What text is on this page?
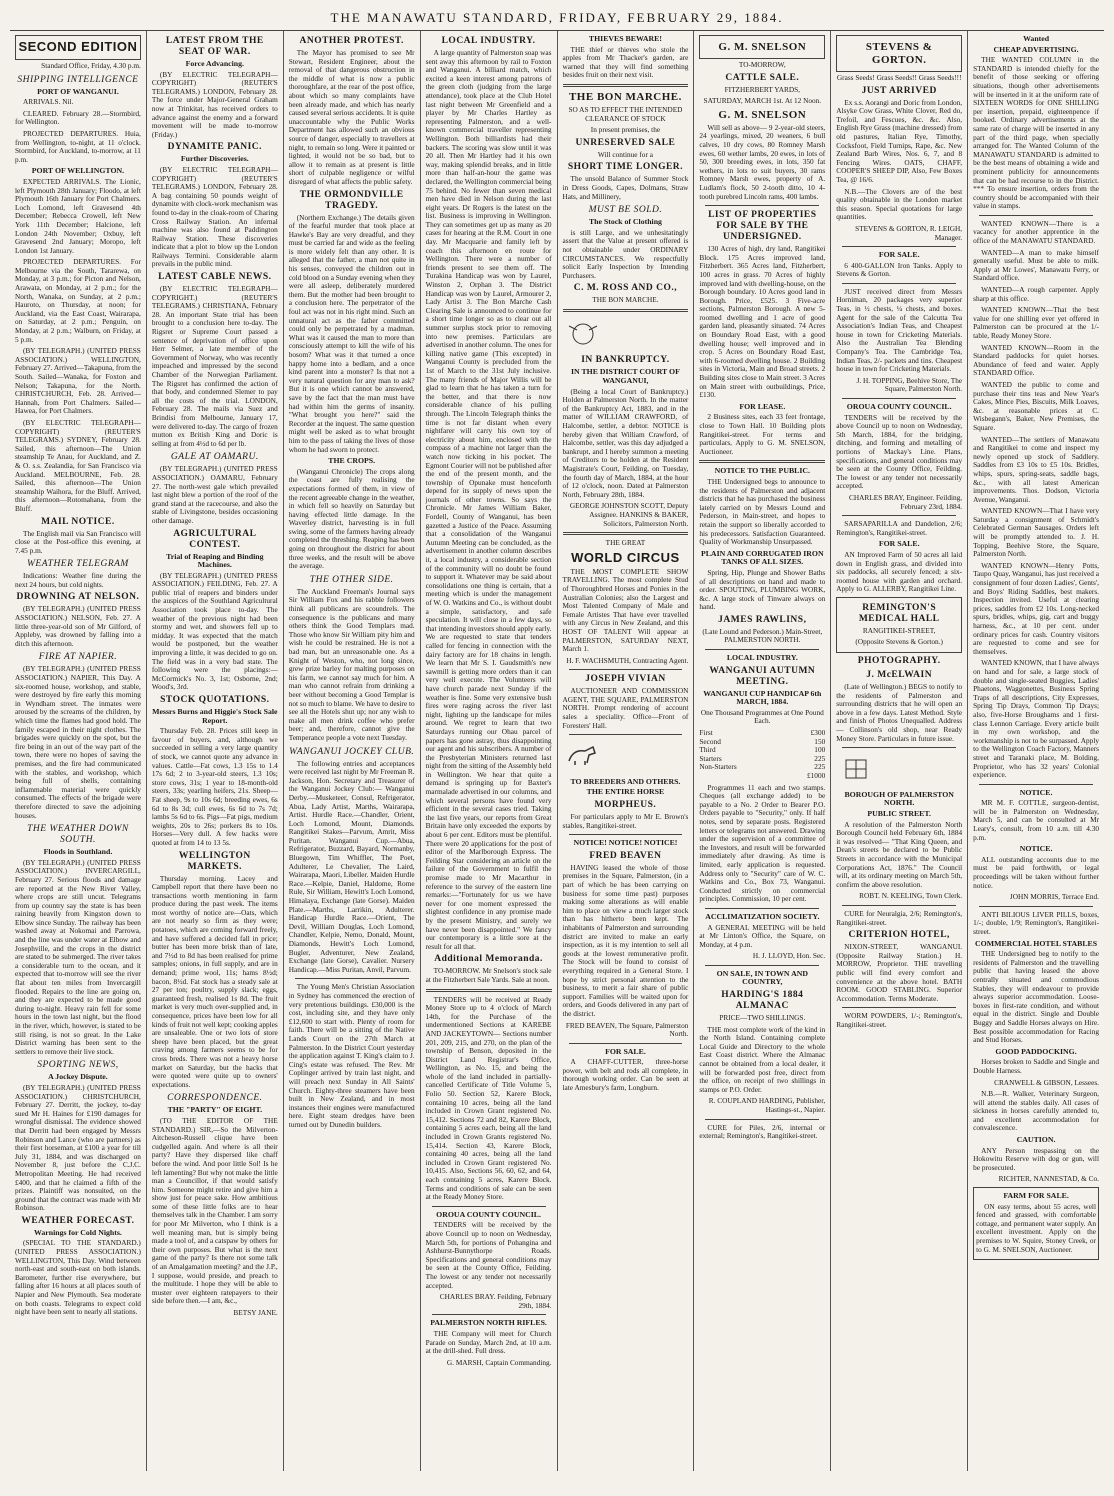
THE MANAWATU STANDARD, FRIDAY, FEBRUARY 29, 1884.
SECOND EDITION

Standard Office, Friday, 4.30 p.m.

SHIPPING INTELLIGENCE
PORT OF WANGANUI.

ARRIVALS. Nil.

CLEARED. February 28.—Stormbird, for Wellington.

PROJECTED DEPARTURES. Huia, from Wellington, to-night, at 11 o'clock. Stormbird, for Auckland, to-morrow, at 11 p.m.

PORT OF WELLINGTON.

EXPECTED ARRIVALS. The Lionic, left Plymouth 28th January; Floodo, at left Plymouth 16th January for Port Chalmers. Loch Lomond, left Gravesend 4th December; Rebecca Crowell, left New York 11th December; Halcione, left London 24th November; Oxbuy, left Gravesend 2nd January; Moropo, left London 1st January.

PROJECTED DEPARTURES. For Melbourne via the South, Tararewa, on Monday, at 3 p.m.; for Picton and Nelson, Arawata, on Monday, at 2 p.m.; for the North, Wanaka, on Sunday, at 2 p.m.; Hauroto, on Thursday, at noon; for Auckland, via the East Coast, Wairarapa, on Saturday, at 2 p.m.; Penguin, on Monday, at 2 p.m.; Walburn, on Friday, at 5 p.m.

(BY TELEGRAPH.) (UNITED PRESS ASSOCIATION.) WELLINGTON, February 27. Arrived—Takapuna, from the South. Sailed—Wanaka, for Foxton and Nelson; Takapuna, for the North. CHRISTCHURCH, Feb. 28. Arrived—Hannah, from Port Chalmers. Sailed—Hawea, for Port Chalmers.

(BY ELECTRIC TELEGRAPH—COPYRIGHT) (REUTER'S TELEGRAMS.) SYDNEY, February 28. Sailed, this afternoon—The Union steamship Te Anau, for Auckland, and Z. & O. s.s. Zealandia, for San Francisco via Auckland. MELBOURNE, Feb. 28. Sailed, this afternoon—The Union steamship Waihora, for the Bluff. Arrived, this afternoon—Rotomahana, from the Bluff.

MAIL NOTICE.

The English mail via San Francisco will close at the Post-office this evening, at 7.45 p.m.

WEATHER TELEGRAM

Indications: Weather fine during the next 24 hours, but cold nights.

DROWNING AT NELSON.

(BY TELEGRAPH.) (UNITED PRESS ASSOCIATION.) NELSON, Feb. 27. A little three-year-old son of Mr Gilford, of Appleby, was drowned by falling into a ditch this afternoon.

FIRE AT NAPIER.

(BY TELEGRAPH.) (UNITED PRESS ASSOCIATION.) NAPIER, This Day. A six-roomed house, workshop, and stable, were destroyed by fire early this morning in Wyndham street. The inmates were aroused by the screams of the children, by which time the flames had good hold. The family escaped in their night clothes. The brigades were quickly on the spot, but the fire being in an out of the way part of the town, there were no hopes of saving the premises, and the fire had communicated with the stables, and workshop, which being full of shells, containing inflammable material were quickly consumed. The effects of the brigade were therefore directed to save the adjoining houses.

THE WEATHER DOWN SOUTH.
Floods in Southland.

(BY TELEGRAPH.) (UNITED PRESS ASSOCIATION.) INVERCARGILL, February 27. Serious floods and damage are reported at the New River Valley, where crops are still uncut. Telegrams from up country say the state is has been raining heavily from Kingston down to Elbow since Sunday. The railway has been washed away at Nokomai and Parrowa, and the line was under water at Elbow and Josephville, and the crops in the district are stated to be submerged. The river takes a considerable turn to the ocean, and it expected that to-morrow will see the river flat about ten miles from Invercargill flooded. Repairs to the line are going on, and they are expected to be made good during to-night. Heavy rain fell for some hours in the town last night, but the flood in the river, which, however, is stated to be still rising, is not so great. In the Lake District warning has been sent to the settlers to remove their live stock.

SPORTING NEWS,
A Jockey Dispute.

(BY TELEGRAPH.) (UNITED PRESS ASSOCIATION.) CHRISTCHURCH, February 27. Derritt, the jockey, to-day sued Mr H. Haines for £190 damages for wrongful dismissal. The evidence showed that Derritt had been engaged by Messrs Robinson and Lance (who are partners) as their first horseman, at £100 a year for till July 31, 1884, and was discharged on November 8, just before the C.J.C. Metropolitan Meeting. He had received £400, and that he claimed a fifth of the prizes. Plaintiff was nonsuited, on the ground that the contract was made with Mr Robinson.

WEATHER FORECAST.
Warnings for Cold Nights.

(SPECIAL TO THE STANDARD.) (UNITED PRESS ASSOCIATION.) WELLINGTON, This Day. Wind between north-east and south-east on both islands. Barometer, further rise everywhere, but falling after 16 hours at all places south of Napier and New Plymouth. Sea moderate on both coasts. Telegrams to expect cold night have been sent to nearly all stations.

LATEST FROM THE SEAT OF WAR.
Force Advancing.

(BY ELECTRIC TELEGRAPH—COPYRIGHT) (REUTER'S TELEGRAMS.) LONDON, February 28. The force under Major-General Graham now at Trinkitat, has received orders to advance against the enemy and a forward movement will be made to-morrow (Friday.)

DYNAMITE PANIC.
Further Discoveries.

(BY ELECTRIC TELEGRAPH—COPYRIGHT) (REUTER'S TELEGRAMS.) LONDON, February 28. A bag containing 50 pounds weight of dynamite with clock-work mechanism was found to-day in the cloak-room of Charing Cross Railway Station. An infernal machine was also found at Paddington Railway Station. These discoveries indicate that a plot to blow up the London Railways Termini. Considerable alarm prevails in the public mind.

LATEST CABLE NEWS.

(BY ELECTRIC TELEGRAPH—COPYRIGHT.) (REUTER'S TELEGRAMS.) CHRISTIANA, February 28. An important State trial has been brought to a conclusion here to-day. The Rigsret or Supreme Court passed a sentence of deprivation of office upon Herr Selmer, a late member of the Government of Norway, who was recently impeached and impressed by the second Chamber of the Norwegian Parliament. The Rigsret has confirmed the action of that body, and condemned Slemer to pay all the costs of the trial. LONDON, February 28. The mails via Suez and Brindisi from Melbourne, January 17, were delivered to-day. The cargo of frozen mutton ex British King and Doric is selling at from 4½d to 6d per lb.

GALE AT OAMARU.

(BY TELEGRAPH.) (UNITED PRESS ASSOCIATION.) OAMARU, February 27. The north-west gale which prevailed last night blew a portion of the roof of the grand stand at the racecourse, and also the stable of Livingstone, besides occasioning other damage.

AGRICULTURAL CONTEST.
Trial of Reaping and Binding Machines.

(BY TELEGRAPH.) (UNITED PRESS ASSOCIATION.) FEILDING, Feb. 27. A public trial of reapers and binders under the auspices of the Southland Agricultural Association took place to-day. The weather of the previous night had been stormy and wet, and showers fell up to midday. It was expected that the match would be postponed, but the weather improving a little, it was decided to go on. The field was in a very bad state. The following were the placings:—McCormick's No. 3, 1st; Osborne, 2nd; Wood's, 3rd.

STOCK QUOTATIONS.
Messrs Burns and Higgie's Stock Sale Report.

Thursday Feb. 28. Prices still keep in favour of buyers, and, although we succeeded in selling a very large quantity of stock, we cannot quote any advance in values. Cattle—Fat cows, 1.3 15s to 1.4 17s 6d; 2 to 3-year-old steers, 1.3 10s; store cows, 31s; 1 year to 18-month-old steers, 33s; yearling heifers, 21s. Sheep—Fat sheep, 9s to 10s 6d; breeding ewes, 6s 6d to 8s 3d; cull ewes, 6s 6d to 7s 7d; lambs 5s 6d to 6s. Pigs—Fat pigs, medium weights, 20s to 26s; porkers 8s to 10s. Horses—Very dull. A few hacks were quoted at from 14 to 13 5s.

WELLINGTON MARKETS.

Thursday morning. Lacey and Campbell report that there have been no transactions worth mentioning in farm produce during the past week. The items most worthy of notice are—Oats, which are not nearly so firm as they were; potatoes, which are coming forward freely, and have suffered a decided fall in price; butter has been more brisk than of late, and 7½d to 8d has been realised for prime samples; onions, in full supply, and are in demand; prime wool, 11s; hams 8½d; bacon, 8½d. Fat stock has a steady sale at 27 per ton; poultry, supply slack; eggs, guaranteed fresh, realised 1s 8d. The fruit market is very much over-supplied and, in consequence, prices have been low for all kinds of fruit not well kept; cooking apples are unsaleable. One or two lots of store sheep have been placed, but the great craving among farmers seems to be for cross breds. There was not a heavy horse market on Saturday, but the hacks that were quoted were quite up to owners' expectations.

CORRESPONDENCE.
THE "PARTY" OF EIGHT.

(TO THE EDITOR OF THE STANDARD.) SIR,—So the Milverton-Aitcheson-Russell clique have been cudgelled again. And where is all their party? Have they dispersed like chaff before the wind. And poor little Sol! Is he left lamenting? But why not make the little man a Councillor, if that would satisfy him. Someone might retire and give him a show just for peace sake. How ambitious some of these little folks are to hear themselves talk in the Chamber. I am sorry for poor Mr Milverton, who I think is a well meaning man, but is simply being made a tool of, and a catspaw by others for their own purposes. But what is the next game of the party? Is there not some talk of an Amalgamation meeting? and the J.P., I suppose, would preside, and preach to the multitude. I hope they will be able to muster over eighteen ratepayers to their side before then.—I am, &c.,

BETSY JANE.

ANOTHER PROTEST.

The Mayor has promised to see Mr Stewart, Resident Engineer, about the removal of that dangerous obstruction in the middle of what is now a public thoroughfare, at the rear of the post office, about which so many complaints have been already made, and which has nearly caused several serious accidents. It is quite unaccountable why the Public Works Department has allowed such an obvious source of danger, especially to travellers at night, to remain so long. Were it painted or lighted, it would not be so bad, but to allow it to remain as at present is little short of culpable negligence or wilful disregard of what affects the public safety.

THE ORMONDVILLE TRAGEDY.

(Northern Exchange.) The details given of the fearful murder that took place at Hawke's Bay are very dreadful, and they must be carried far and wide as the feeling is more widely felt than any other. It is alleged that the father, a man not quite in his senses, conveyed the children out in cold blood on a Sunday evening when they were all asleep, deliberately murdered them. But the mother had been brought to a conclusion here. The perpetrator of the foul act was not in his right mind. Such an unnatural act as the father committed could only be perpetrated by a madman. What was it caused the man to more than consciously attempt to kill the wife of his bosom? What was it that turned a once happy home into a bedlam, and a once kind parent into a monster? Is that not a very natural question for any man to ask? But it is one which cannot be answered, save by the fact that the man must have had within him the germs of insanity. "What brought you here?" said the Recorder at the inquest. The same question might well be asked as to what brought him to the pass of taking the lives of those whom he had sworn to protect.

THE CROPS.

(Wanganui Chronicle) The crops along the coast are fully realising the expectations formed of them, in view of the recent agreeable change in the weather, in which fell so heavily on Saturday but having effected little damage. In the Waverley district, harvesting is in full swing, some of the farmers having already completed the threshing. Reaping has been going on throughout the district for about three weeks, and the result will be above the average.

THE OTHER SIDE.

The Auckland Freeman's Journal says Sir William Fox and his rabble followers think all publicans are scoundrels. The consequence is the publicans and many others think the Good Templars mad. Those who know Sir William pity him and wish he could be restrained. He is not a bad man, but an unreasonable one. As a Knight of Weston, who, not long since, grew prize barley for malting purposes on his farm, we cannot say much for him. A man who cannot refrain from drinking a beer without becoming a Good Templar is not so much to blame. We have to desire to see all the Hotels shut up; nor any wish to make all men drink coffee who prefer beer; and, therefore, cannot give the Temperance people a vote next Tuesday.

WANGANUI JOCKEY CLUB.

The following entries and acceptances were received last night by Mr Freeman R. Jackson, Hon. Secretary and Treasurer of the Wanganui Jockey Club:— Wanganui Derby.—Musketeer, Consul, Refrigerator, Abua, Lady Artist, Marths, Wairarapa, Artist. Hurdle Race.—Chandler, Orient, Loch Lomond, Mount, Diamonds. Rangitikei Stakes—Parvum, Amrit, Miss Puritan. Wanganui Cup.—Abua, Refrigerator, Buzzard, Bayard, Normanby, Bluegown, Tim Whiffler, The Poet, Adulterer, Le Chevalier, The Laird, Wairarapa, Maori, Libeller. Maiden Hurdle Race.—Kelpie, Daniel, Haldome, Rome Rule, Sir William, Hewitt's Loch Lomond, Himalaya, Exchange (late Gorse). Maiden Plate.—Marths, Larrikin, Adulterer. Handicap Hurdle Race.—Orient, The Devil, William Douglas, Loch Lomond, Chandler, Kelpie, Nemo, Donald, Mount, Diamonds, Hewitt's Loch Lomond, Bugler, Adventurer, New Zealand, Exchange (late Gorse), Cavalier. Nursery Handicap.—Miss Puritan, Anvil, Parvum.

The Young Men's Christian Association in Sydney has commenced the erection of very pretentious buildings. £30,000 is the cost, including site, and they have only £12,600 to start with. Plenty of room for faith. There will be a sitting of the Native Lands Court on the 27th March at Palmerston. In the District Court yesterday the application against T. King's claim to J. Cing's estate was refused. The Rev. Mr Coplinger arrived by train last night, and will preach next Sunday in All Saints' Church. Eighty-three steamers have been built in New Zealand, and in most instances their engines were manufactured here. Eight steam dredges have been turned out by Dunedin builders.

LOCAL INDUSTRY.

A large quantity of Palmerston soap was sent away this afternoon by rail to Foxton and Wanganui. A billiard match, which excited a keen interest among patrons of the green cloth (judging from the large attendance), took place at the Club Hotel last night between Mr Greenfield and a player by Mr Charles Hartley as representing Palmerston, and a well-known commercial traveller representing Wellington. Both billiardists had their backers. The scoring was slow until it was 20 all. Then Mr Hartley had it his own way, making splendid breaks, and in little more than half-an-hour the game was declared, the Wellington commercial being 75 behind. No fewer than seven medical men have died in Nelson during the last eight years. Dr Rogers is the latest on the list. Business is improving in Wellington. They can sometimes get up as many as 20 cases for hearing at the R.M. Court in one day. Mr Macquarie and family left by coach this afternoon en route for Wellington. There were a number of friends present to see them off. The Turakina Handicap was won by Laurel, Winston 2, Orphan 3. The District Handicap was won by Laurel, Armourer 2, Lady Artist 3. The Bon Marche Cash Clearing Sale is announced to continue for a short time longer so as to clear out all summer surplus stock prior to removing into new premises. Particulars are advertised in another column. The ones for killing native game (This excepted) in Wanganui County is precluded from the 1st of March to the 31st July inclusive. The many friends of Major Willis will be glad to learn that he has taken a turn for the better, and that there is now considerable chance of his pulling through. The Lincoln Telegraph thinks the time is not far distant when every nightfarer will carry his own toy of electricity about him, enclosed with the compass of a machine not larger than the watch now ticking in his pocket. The Egmont Courier will not be published after the end of the present month, and the township of Opunake must henceforth depend for its supply of news upon the journals of other towns. So says the Chronicle. Mr James William Baker, Fordell, County of Wanganui, has been gazetted a Justice of the Peace. Assuming that a consolidation of the Wanganui Autumn Meeting can be concluded, as the advertisement in another column describes it, a local industry, a considerable section of the community will no doubt be found to support it. Whatever may be said about consolidations one thing is certain, that a meeting which is under the management of W. O. Watkins and Co., is without doubt a simple, satisfactory, and safe speculation. It will close in a few days, so that intending investors should apply early. We are requested to state that tenders called for fencing in connection with the dairy factory are for 18 chains in length. We learn that Mr S. I. Gaudsmith's new sawmill is getting more orders than it can very well execute. The Volunteers will have church parade next Sunday if the weather is fine. Some very extensive bush fires were raging across the river last night, lighting up the landscape for miles around. We regret to learn that two Saturdays running our Ohau parcel of papers has gone astray, thus disappointing our agent and his subscribers. A number of the Presbyterian Ministers returned last night from the sitting of the Assembly held in Wellington. We hear that quite a demand is springing up for Baxter's marmalade advertised in our columns, and which several persons have found very efficient in the several cases tried. Taking the last five years, our reports from Great Britain have only exceeded the exports by about 6 per cent. Editors must be plentiful. There were 20 applications for the post of editor of the Marlborough Express. The Feilding Star considering an article on the failure of the Government to fulfil the promise made to Mr Macarthur in reference to the survey of the eastern line remarks:—"Fortunately for us we have never for one moment expressed the slightest confidence in any promise made by the present Ministry, and surely we have never been disappointed." We fancy our contemporary is a little sore at the result for all that.

Additional Memoranda.

TO-MORROW. Mr Snelson's stock sale at the Fitzherbert Sale Yards. Sale at noon.

TENDERS will be received at Ready Money Store up to 4 o'clock of March 14th, for the Purchase of the undermentioned Sections at KAREBE AND JACKEYTOWN— Sections number 201, 209, 215, and 270, on the plan of the township of Benson, deposited in the District Land Registrar's Office, Wellington, as No. 15, and being the whole of the land included in partially-cancelled Certificate of Title Volume 5, Folio 50. Section 52, Karere Block, containing 10 acres, being all the land included in Crown Grant registered No. 15,412. Sections 72 and 82, Karere Block, containing 5 acres each, being all the land included in Crown Grants registered No. 15,414. Section 43, Karere Block, containing 40 acres, being all the land included in Crown Grant registered No. 10,415. Also, Sections 56, 60, 62, and 64, each containing 5 acres, Karere Block. Terms and conditions of sale can be seen at the Ready Money Store.

OROUA COUNTY COUNCIL.

TENDERS will be received by the above Council up to noon on Wednesday, March 5th, for portions of Pohangina and Ashhurst-Bunnythorpe Roads. Specifications and general conditions may be seen at the County Office, Feilding. The lowest or any tender not necessarily accepted.

CHARLES BRAY. Feilding, February 29th, 1884.

PALMERSTON NORTH RIFLES.

THE Company will meet for Church Parade on Sunday, March 2nd, at 10 a.m. at the drill-shed. Full dress.

G. MARSH, Captain Commanding.

THIEVES BEWARE!

THE thief or thieves who stole the apples from Mr Thacker's garden, are warned that they will find something besides fruit on their next visit.

THE BON MARCHE.

SO AS TO EFFECT THE INTENDED CLEARANCE OF STOCK

In present premises, the

UNRESERVED SALE

Will continue for a

SHORT TIME LONGER.

The unsold Balance of Summer Stock in Dress Goods, Capes, Dolmans, Straw Hats, and Millinery,

MUST BE SOLD.
The Stock of Clothing

is still Large, and we unhesitatingly assert that the Value at present offered is not obtainable under ORDINARY CIRCUMSTANCES. We respectfully solicit Early Inspection by Intending Purchasers.

C. M. ROSS AND CO.,

THE BON MARCHE.

IN BANKRUPTCY.
IN THE DISTRICT COURT OF WANGANUI,

(Being a local Court of Bankruptcy.) Holden at Palmerston North. In the matter of the Bankruptcy Act, 1883, and in the matter of WILLIAM CRAWFORD, of Halcombe, settler, a debtor. NOTICE is hereby given that William Crawford, of Halcombe, settler, was this day adjudged a bankrupt, and I hereby summon a meeting of Creditors to be holden at the Resident Magistrate's Court, Feilding, on Tuesday, the fourth day of March, 1884, at the hour of 12 o'clock, noon. Dated at Palmerston North, February 28th, 1884.

GEORGE JOHNSTON SCOTT, Deputy Assignee. HANKINS & BAKER, Solicitors, Palmerston North.

THE GREAT

WORLD CIRCUS

THE MOST COMPLETE SHOW TRAVELLING. The most complete Stud of Thoroughbred Horses and Ponies in the Australian Colonies; also the Largest and Most Talented Company of Male and Female Artistes That have ever travelled with any Circus in New Zealand, and this HOST OF TALENT Will appear at PALMERSTON, SATURDAY NEXT, March 1.

H. F. WACHSMUTH, Contracting Agent.

JOSEPH VIVIAN

AUCTIONEER AND COMMISSION AGENT, THE SQUARE, PALMERSTON NORTH. Prompt rendering of account sales a speciality. Office—Front of Foresters' Hall.

TO BREEDERS AND OTHERS.
THE ENTIRE HORSE
MORPHEUS.

For particulars apply to Mr E. Brown's stables, Rangitikei-street.

NOTICE! NOTICE! NOTICE!
FRED BEAVEN

HAVING leased the whole of those premises in the Square, Palmerston, (in a part of which he has been carrying on business for some time past) purposes making some alterations as will enable him to place on view a much larger stock than has hitherto been kept. The inhabitants of Palmerston and surrounding district are invited to make an early inspection, as it is my intention to sell all goods at the lowest remunerative profit. The Stock will be found to consist of everything required in a General Store. I hope by strict personal attention to the business, to merit a fair share of public support. Families will be waited upon for orders, and Goods delivered in any part of the district.

FRED BEAVEN, The Square, Palmerston North.

FOR SALE.

A CHAFF-CUTTER, three-horse power, with belt and rods all complete, in thorough working order. Can be seen at late Amesbury's farm, Longburn.

G. M. SNELSON

TO-MORROW,

CATTLE SALE.

FITZHERBERT YARDS,

SATURDAY, MARCH 1st. At 12 Noon.

G. M. SNELSON

Will sell as above— 9 2-year-old steers, 24 yearlings, mixed, 20 weaners, 6 bull calves, 10 dry cows, 80 Romney Marsh ewes, 60 wether lambs, 20 ewes, in lots of 50, 300 breeding ewes, in lots, 350 fat wethers, in lots to suit buyers, 30 rams Romney Marsh ewes, property of A. Ludlam's flock, 50 2-tooth ditto, 10 4-tooth purebred Lincoln rams, 400 lambs.

LIST OF PROPERTIES FOR SALE BY THE UNDERSIGNED.

130 Acres of high, dry land, Rangitikei Block. 175 Acres improved land, Fitzherbert. 365 Acres land, Fitzherbert, 100 acres in grass. 70 Acres of highly improved land with dwelling-house, on the Borough boundary. 10 Acres good land in Borough. Price, £525. 3 Five-acre sections, Palmerston Borough. A new 5-roomed dwelling and 1 acre of good garden land, pleasantly situated. 74 Acres on Boundary Road East, with a good dwelling house; well improved and in crop. 5 Acres on Boundary Road East, with 6-roomed dwelling house. 2 Building sites in Victoria, Main and Broad streets. 2 Building sites close to Main street. 3 Acres on Main street with outbuildings, Price, £130.

FOR LEASE.

2 Business sites, each 33 feet frontage, close to Town Hall. 10 Building plots Rangitikei-street. For terms and particulars, Apply to G. M. SNELSON, Auctioneer.

NOTICE TO THE PUBLIC.

THE Undersigned begs to announce to the residents of Palmerston and adjacent districts that he has purchased the business lately carried on by Messrs Lound and Pederson, in Main-street, and hopes to retain the support so liberally accorded to his predecessors. Satisfaction Guaranteed. Quality of Workmanship Unsurpassed.

PLAIN AND CORRUGATED IRON TANKS OF ALL SIZES.

Spring, Hip, Plunge and Shower Baths of all descriptions on hand and made to order. SPOUTING, PLUMBING WORK, &c. A large stock of Tinware always on hand.

JAMES RAWLINS,

(Late Lound and Pederson.) Main-Street, PALMERSTON NORTH.

LOCAL INDUSTRY.
WANGANUI AUTUMN MEETING.
WANGANUI CUP HANDICAP 6th MARCH, 1884.

One Thousand Programmes at One Pound Each.

First	£300
Second	150
Third	100
Starters	225
Non-Starters	225

£1000

Programmes 11 each and two stamps. Cheques (all exchange added) to be payable to a No. 2 Order to Bearer P.O. Orders payable to "Security," only. If half notes, send by separate posts. Registered letters or telegrams not answered. Drawing under the supervision of a committee of the Investors, and result will be forwarded immediately after drawing. As time is limited, early application is requested. Address only to "Security" care of W. C. Watkins and Co., Box 73, Wanganui. Conducted strictly on commercial principles. Commission, 10 per cent.

ACCLIMATIZATION SOCIETY.

A GENERAL MEETING will be held at Mr Linton's Office, the Square, on Monday, at 4 p.m.

H. J. LLOYD, Hon. Sec.

ON SALE, IN TOWN AND COUNTRY,
HARDING'S 1884 ALMANAC

PRICE—TWO SHILLINGS.

THE most complete work of the kind in the North Island. Containing complete Local Guide and Directory to the whole East Coast district. Where the Almanac cannot be obtained from a local dealer, it will be forwarded post free, direct from the office, on receipt of two shillings in stamps or P.O. Order.

R. COUPLAND HARDING, Publisher, Hastings-st., Napier.

CURE for Piles, 2/6, internal or external; Remington's, Rangitikei-street.

STEVENS & GORTON.

Grass Seeds! Grass Seeds!! Grass Seeds!!!

JUST ARRIVED

Ex s.s. Aorangi and Doric from London, Alsyke Cow Grass, White Clover, Red do, Trefoil, and Fescues, &c. &c. Also, English Rye Grass (machine dressed) from old pastures, Italian Rye, Timothy, Cocksfoot, Field Turnips, Rape, &c. New Zealand Barb Wires, Nos. 6, 7, and 8 Fencing Wires. OATS, CHAFF, COOPER'S SHEEP DIP, Also, Few Boxes Tea, @ 16/6.

N.B.—The Clovers are of the best quality obtainable in the London market this season. Special quotations for large quantities.

STEVENS & GORTON, R. LEIGH, Manager.

FOR SALE.

6 400-GALLON Iron Tanks. Apply to Stevens & Gorton.

JUST received direct from Messrs Horniman, 20 packages very superior Teas, in ½ chests, ¼ chests, and boxes. Agent for the sale of the Calcutta Tea Association's Indian Teas, and Cheapest house in town for Cricketing Materials. Also the Australian Tea Blending Company's Tea. The Cambridge Tea, Indian Teas, 2/- packets and tins. Cheapest house in town for Cricketing Materials.

J. H. TOPPING, Beehive Store, The Square, Palmerston North.

OROUA COUNTY COUNCIL.

TENDERS will be received by the above Council up to noon on Wednesday, 5th March, 1884, for the bridging, ditching, and forming and metalling of portions of Mackay's Line. Plans, specifications, and general conditions may be seen at the County Office, Feilding. The lowest or any tender not necessarily accepted.

CHARLES BRAY, Engineer. Feilding, February 23rd, 1884.

SARSAPARILLA and Dandelion, 2/6; Remington's, Rangitikei-street.

FOR SALE.

AN Improved Farm of 50 acres all laid down in English grass, and divided into six paddocks, all securely fenced; a six-roomed house with garden and orchard. Apply to G. ALLERBY, Rangitikei Line.

REMINGTON'S MEDICAL HALL

RANGITIKEI-STREET,

(Opposite Stevens & Gorton.)

PHOTOGRAPHY.
J. McELWAIN

(Late of Wellington.) BEGS to notify to the residents of Palmerston and surrounding districts that he will open an above in a few days. Latest Method. Style and finish of Photos Unequalled. Address— Collinson's old shop, near Ready Money Store. Particulars in future issue.

BOROUGH OF PALMERSTON NORTH.
PUBLIC STREET.

A resolution of the Palmerston North Borough Council held February 6th, 1884 it was resolved— "That King Queen, and Dean's streets be declared to be Public Streets in accordance with the Municipal Corporations Act, 1876." The Council will, at its ordinary meeting on March 5th, confirm the above resolution.

ROBT. N. KEELING, Town Clerk.

CURE for Neuralgia, 2/6; Remington's, Rangitikei-street.

CRITERION HOTEL,

NIXON-STREET, WANGANUI. (Opposite Railway Station.) H. MORROW, Proprietor. THE travelling public will find every comfort and convenience at the above hotel. BATH ROOM. GOOD STABLING. Superior Accommodation. Terms Moderate.

WORM POWDERS, 1/-; Remington's, Rangitikei-street.

Wanted
CHEAP ADVERTISING.

THE WANTED COLUMN in the STANDARD is intended chiefly for the benefit of those seeking or offering situations, though other advertisements will be inserted in it at the uniform rate of SIXTEEN WORDS for ONE SHILLING per insertion, prepaid, eighteenpence if booked. Ordinary advertisements at the same rate of charge will be inserted in any part of the third page, when specially arranged for. The Wanted Column of the MANAWATU STANDARD is admitted to be the best means of obtaining a wide and prominent publicity for announcements that can be had recourse to in the District. *** To ensure insertion, orders from the country should be accompanied with their value in stamps.

WANTED KNOWN—There is a vacancy for another apprentice in the office of the MANAWATU STANDARD.

WANTED—A man to make himself generally useful. Must be able to milk. Apply at Mr Lowes', Manawatu Ferry, or Standard office.

WANTED—A rough carpenter. Apply sharp at this office.

WANTED KNOWN—That the best value for one shilling ever yet offered in Palmerston can be procured at the 1/- table, Ready Money Store.

WANTED KNOWN—Room in the Standard paddocks for quiet horses. Abundance of feed and water. Apply STANDARD Office.

WANTED the public to come and purchase their tins teas and New Year's Cakes, Mince Pies, Biscuits, Milk Loaves, &c. at reasonable prices at C. Wisbegann's, Baker, New Premises, the Square.

WANTED—The settlers of Manawatu and Rangitikei to come and inspect my newly opened up stock of Saddlery. Saddles from £3 10s to £5 10s. Bridles, whips, spurs, spring-seats, saddle bags, &c., with all latest American improvements. Thos. Dodson, Victoria Avenue, Wanganui.

WANTED KNOWN—That I have very Saturday a consignment of Schmidt's Celebrated German Sausages. Orders left will be promptly attended to. J. H. Topping, Beehive Store, the Square, Palmerston North.

WANTED KNOWN—Henry Potts, Taupo Quay, Wanganui, has just received a consignment of four dozen Ladies', Gents', and Boys' Riding Saddles, best makers. Inspection invited. Useful at clearing prices, saddles from £2 10s. Long-necked spurs, bridles, whips, gig, cart and buggy harness, &c., at 10 per cent. under ordinary prices for cash. Country visitors are requested to come and see for themselves.

WANTED KNOWN, that I have always on hand and for sale, a large stock of double and single-seated Buggies, Ladies' Phaetons, Waggonettes, Business Spring Traps of all descriptions, City Expresses, Spring Tip Drays, Common Tip Drays; also, five-Horse Broughams and 1 first-class Lennon Carriage. Every article built in my own workshop, and the workmanship is not to be surpassed. Apply to the Wellington Coach Factory, Manners street and Taranaki place, M. Bolding, Proprietor, who has 32 years' Colonial experience.

NOTICE.

MR M. F. COTTLE, surgeon-dentist, will be in Palmerston on Wednesday, March 5, and can be consulted at Mr Leary's, consult, from 10 a.m. till 4.30 p.m.

NOTICE.

ALL outstanding accounts due to me must be paid forthwith, or legal proceedings will be taken without further notice.

JOHN MORRIS, Terrace End.

ANTI BILIOUS LIVER PILLS, boxes, 1/-; double, 1/9; Remington's, Rangitikei-street.

COMMERCIAL HOTEL STABLES

THE Undersigned beg to notify to the residents of Palmerston and the travelling public that having leased the above centrally situated and commodious Stables, they will endeavour to provide always superior accommodation. Loose-boxes in first-rate condition, and without equal in the district. Single and Double Buggy and Saddle Horses always on Hire. Best possible accommodation for Racing and Stud Horses.

GOOD PADDOCKING.

Horses broken to Saddle and Single and Double Harness.

CRANWELL & GIBSON, Lessees.

N.B.—R. Walker, Veterinary Surgeon, will attend the stables daily. All cases of sickness in horses carefully attended to, and excellent accommodation for convalescence.

CAUTION.

ANY Person trespassing on the Hokowitu Reserve with dog or gun, will be prosecuted.

RICHTER, NANNESTAD, & Co.

FARM FOR SALE.

ON easy terms, about 55 acres, well fenced and grassed, with comfortable cottage, and permanent water supply. An excellent investment. Apply on the premises to W. Squire, Stoney Creek, or to G. M. SNELSON, Auctioneer.
